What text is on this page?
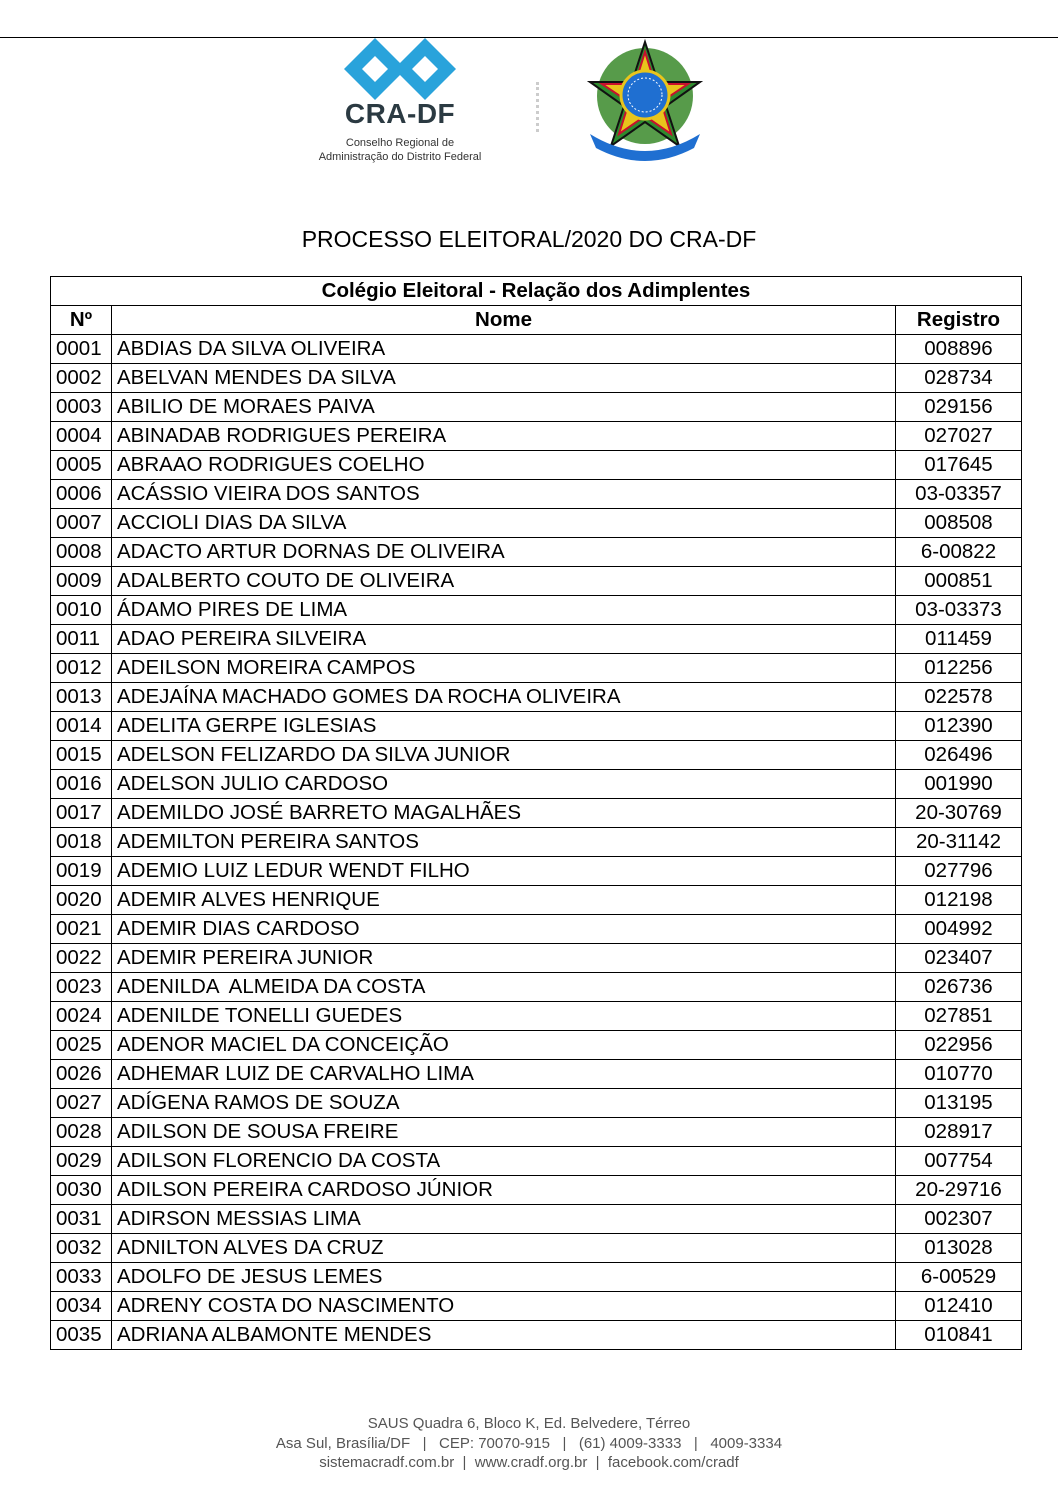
CRA-DF
Conselho Regional de
Administração do Distrito Federal
PROCESSO ELEITORAL/2020 DO CRA-DF
Colégio Eleitoral - Relação dos Adimplentes		
Nº	Nome	Registro
0001	ABDIAS DA SILVA OLIVEIRA	008896
0002	ABELVAN MENDES DA SILVA	028734
0003	ABILIO DE MORAES PAIVA	029156
0004	ABINADAB RODRIGUES PEREIRA	027027
0005	ABRAAO RODRIGUES COELHO	017645
0006	ACÁSSIO VIEIRA DOS SANTOS	03-03357
0007	ACCIOLI DIAS DA SILVA	008508
0008	ADACTO ARTUR DORNAS DE OLIVEIRA	6-00822
0009	ADALBERTO COUTO DE OLIVEIRA	000851
0010	ÁDAMO PIRES DE LIMA	03-03373
0011	ADAO PEREIRA SILVEIRA	011459
0012	ADEILSON MOREIRA CAMPOS	012256
0013	ADEJAÍNA MACHADO GOMES DA ROCHA OLIVEIRA	022578
0014	ADELITA GERPE IGLESIAS	012390
0015	ADELSON FELIZARDO DA SILVA JUNIOR	026496
0016	ADELSON JULIO CARDOSO	001990
0017	ADEMILDO JOSÉ BARRETO MAGALHÃES	20-30769
0018	ADEMILTON PEREIRA SANTOS	20-31142
0019	ADEMIO LUIZ LEDUR WENDT FILHO	027796
0020	ADEMIR ALVES HENRIQUE	012198
0021	ADEMIR DIAS CARDOSO	004992
0022	ADEMIR PEREIRA JUNIOR	023407
0023	ADENILDA  ALMEIDA DA COSTA	026736
0024	ADENILDE TONELLI GUEDES	027851
0025	ADENOR MACIEL DA CONCEIÇÃO	022956
0026	ADHEMAR LUIZ DE CARVALHO LIMA	010770
0027	ADÍGENA RAMOS DE SOUZA	013195
0028	ADILSON DE SOUSA FREIRE	028917
0029	ADILSON FLORENCIO DA COSTA	007754
0030	ADILSON PEREIRA CARDOSO JÚNIOR	20-29716
0031	ADIRSON MESSIAS LIMA	002307
0032	ADNILTON ALVES DA CRUZ	013028
0033	ADOLFO DE JESUS LEMES	6-00529
0034	ADRENY COSTA DO NASCIMENTO	012410
0035	ADRIANA ALBAMONTE MENDES	010841
SAUS Quadra 6, Bloco K, Ed. Belvedere, Térreo
Asa Sul, Brasília/DF   |   CEP: 70070-915   |   (61) 4009-3333   |   4009-3334
sistemacradf.com.br  |  www.cradf.org.br  |  facebook.com/cradf
